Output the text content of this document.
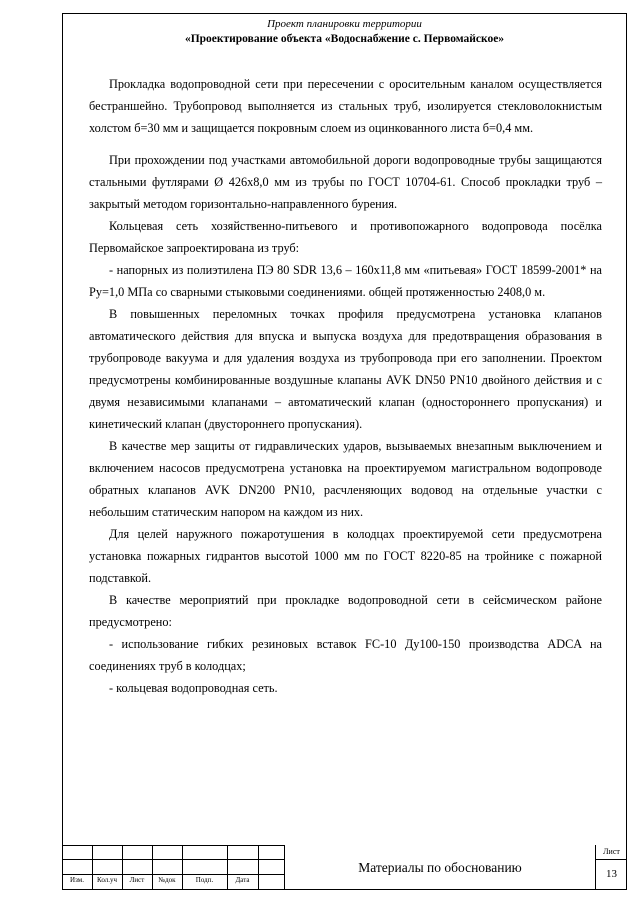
Проект планировки территории
«Проектирование объекта «Водоснабжение с. Первомайское»

Прокладка водопроводной сети при пересечении с оросительным каналом осуществляется бестраншейно. Трубопровод выполняется из стальных труб, изолируется стекловолокнистым холстом б=30 мм и защищается покровным слоем из оцинкованного листа б=0,4 мм.

При прохождении под участками автомобильной дороги водопроводные трубы защищаются стальными футлярами Ø 426х8,0 мм из трубы по ГОСТ 10704-61. Способ прокладки труб – закрытый методом горизонтально-направленного бурения.

Кольцевая сеть хозяйственно-питьевого и противопожарного водопровода посёлка Первомайское запроектирована из труб:

- напорных из полиэтилена ПЭ 80 SDR 13,6 – 160х11,8 мм «питьевая» ГОСТ 18599-2001* на Ру=1,0 МПа со сварными стыковыми соединениями. общей протяженностью 2408,0 м.

В повышенных переломных точках профиля предусмотрена установка клапанов автоматического действия для впуска и выпуска воздуха для предотвращения образования в трубопроводе вакуума и для удаления воздуха из трубопровода при его заполнении. Проектом предусмотрены комбинированные воздушные клапаны AVK DN50 PN10 двойного действия и с двумя независимыми клапанами – автоматический клапан (одностороннего пропускания) и кинетический клапан (двустороннего пропускания).

В качестве мер защиты от гидравлических ударов, вызываемых внезапным выключением и включением насосов предусмотрена установка на проектируемом магистральном водопроводе обратных клапанов AVK DN200 PN10, расчленяющих водовод на отдельные участки с небольшим статическим напором на каждом из них.

Для целей наружного пожаротушения в колодцах проектируемой сети предусмотрена установка пожарных гидрантов высотой 1000 мм по ГОСТ 8220-85 на тройнике с пожарной подставкой.

В качестве мероприятий при прокладке водопроводной сети в сейсмическом районе предусмотрено:

- использование гибких резиновых вставок FC-10 Ду100-150 производства ADCA на соединениях труб в колодцах;

- кольцевая водопроводная сеть.

Изм.	Кол.уч	Лист	№док	Подп.	Дата
Материалы по обоснованию
Лист
13
